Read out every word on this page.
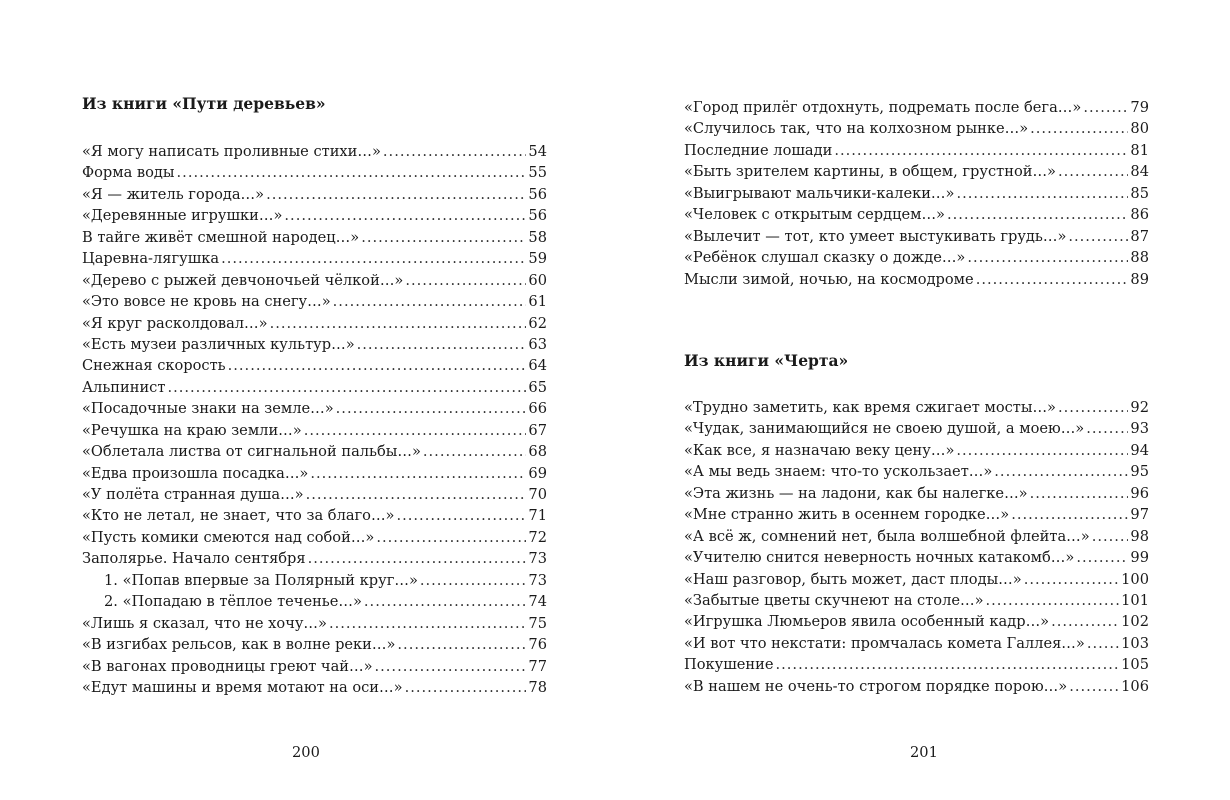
Из книги «Пути деревьев»
«Я могу написать проливные стихи…» .....	54
Форма воды .....	55
«Я — житель города…» .....	56
«Деревянные игрушки…» .....	56
В тайге живёт смешной народец…» .....	58
Царевна-лягушка .....	59
«Дерево с рыжей девчоночьей чёлкой…» .....	60
«Это вовсе не кровь на снегу…» .....	61
«Я круг расколдовал…» .....	62
«Есть музеи различных культур…» .....	63
Снежная скорость .....	64
Альпинист .....	65
«Посадочные знаки на земле…» .....	66
«Речушка на краю земли…» .....	67
«Облетала листва от сигнальной пальбы…» .....	68
«Едва произошла посадка…» .....	69
«У полёта странная душа…» .....	70
«Кто не летал, не знает, что за благо…» .....	71
«Пусть комики смеются над собой…» .....	72
Заполярье. Начало сентября .....	73
1. «Попав впервые за Полярный круг…» .....	73
2. «Попадаю в тёплое теченье…» .....	74
«Лишь я сказал, что не хочу…» .....	75
«В изгибах рельсов, как в волне реки…» .....	76
«В вагонах проводницы греют чай…» .....	77
«Едут машины и время мотают на оси…» .....	78
200
«Город прилёг отдохнуть, подремать после бега…» .....	79
«Случилось так, что на колхозном рынке…» .....	80
Последние лошади .....	81
«Быть зрителем картины, в общем, грустной…» .....	84
«Выигрывают мальчики-калеки…» .....	85
«Человек с открытым сердцем…» .....	86
«Вылечит — тот, кто умеет выстукивать грудь…» .....	87
«Ребёнок слушал сказку о дожде…» .....	88
Мысли зимой, ночью, на космодроме .....	89
Из книги «Черта»
«Трудно заметить, как время сжигает мосты…» .....	92
«Чудак, занимающийся не своею душой, а моею…» .....	93
«Как все, я назначаю веку цену…» .....	94
«А мы ведь знаем: что-то ускользает…» .....	95
«Эта жизнь — на ладони, как бы налегке…» .....	96
«Мне странно жить в осеннем городке…» .....	97
«А всё ж, сомнений нет, была волшебной флейта…» .....	98
«Учителю снится неверность ночных катакомб…» .....	99
«Наш разговор, быть может, даст плоды…» .....	100
«Забытые цветы скучнеют на столе…» .....	101
«Игрушка Люмьеров явила особенный кадр…» .....	102
«И вот что некстати: промчалась комета Галлея…» ..... 103
Покушение .....	105
«В нашем не очень-то строгом порядке порою…» .....	106
201
